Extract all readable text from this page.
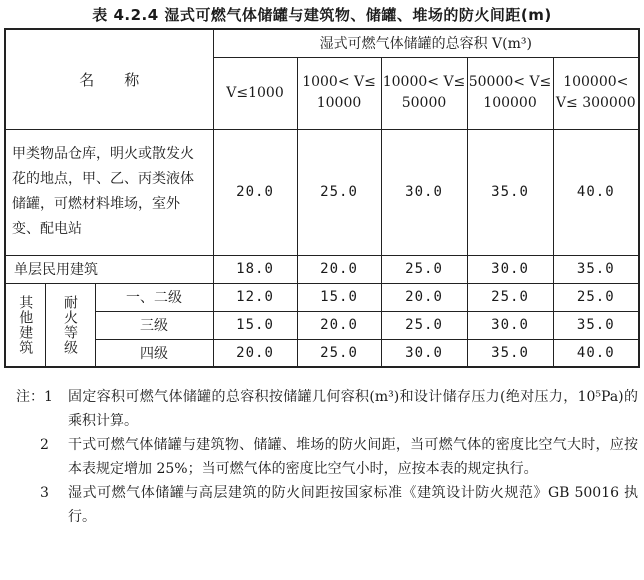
表 4.2.4 湿式可燃气体储罐与建筑物、储罐、堆场的防火间距(m)
名　　称			湿式可燃气体储罐的总容积 V(m³)				
			V≤1000	1000< V≤ 10000	10000< V≤ 50000	50000< V≤ 100000	100000< V≤ 300000
甲类物品仓库，明火或散发火花的地点，甲、乙、丙类液体储罐，可燃材料堆场，室外变、配电站			20.0	25.0	30.0	35.0	40.0
单层民用建筑			18.0	20.0	25.0	30.0	35.0

其他建筑	耐火等级	一、二级	12.0	15.0	20.0	25.0	25.0
		三级	15.0	20.0	25.0	30.0	35.0
		四级	20.0	25.0	30.0	35.0	40.0
注：1	固定容积可燃气体储罐的总容积按储罐几何容积(m³)和设计储存压力(绝对压力，10⁵Pa)的乘积计算。
2	干式可燃气体储罐与建筑物、储罐、堆场的防火间距，当可燃气体的密度比空气大时，应按本表规定增加 25%；当可燃气体的密度比空气小时，应按本表的规定执行。
3	湿式可燃气体储罐与高层建筑的防火间距按国家标准《建筑设计防火规范》GB 50016 执行。
